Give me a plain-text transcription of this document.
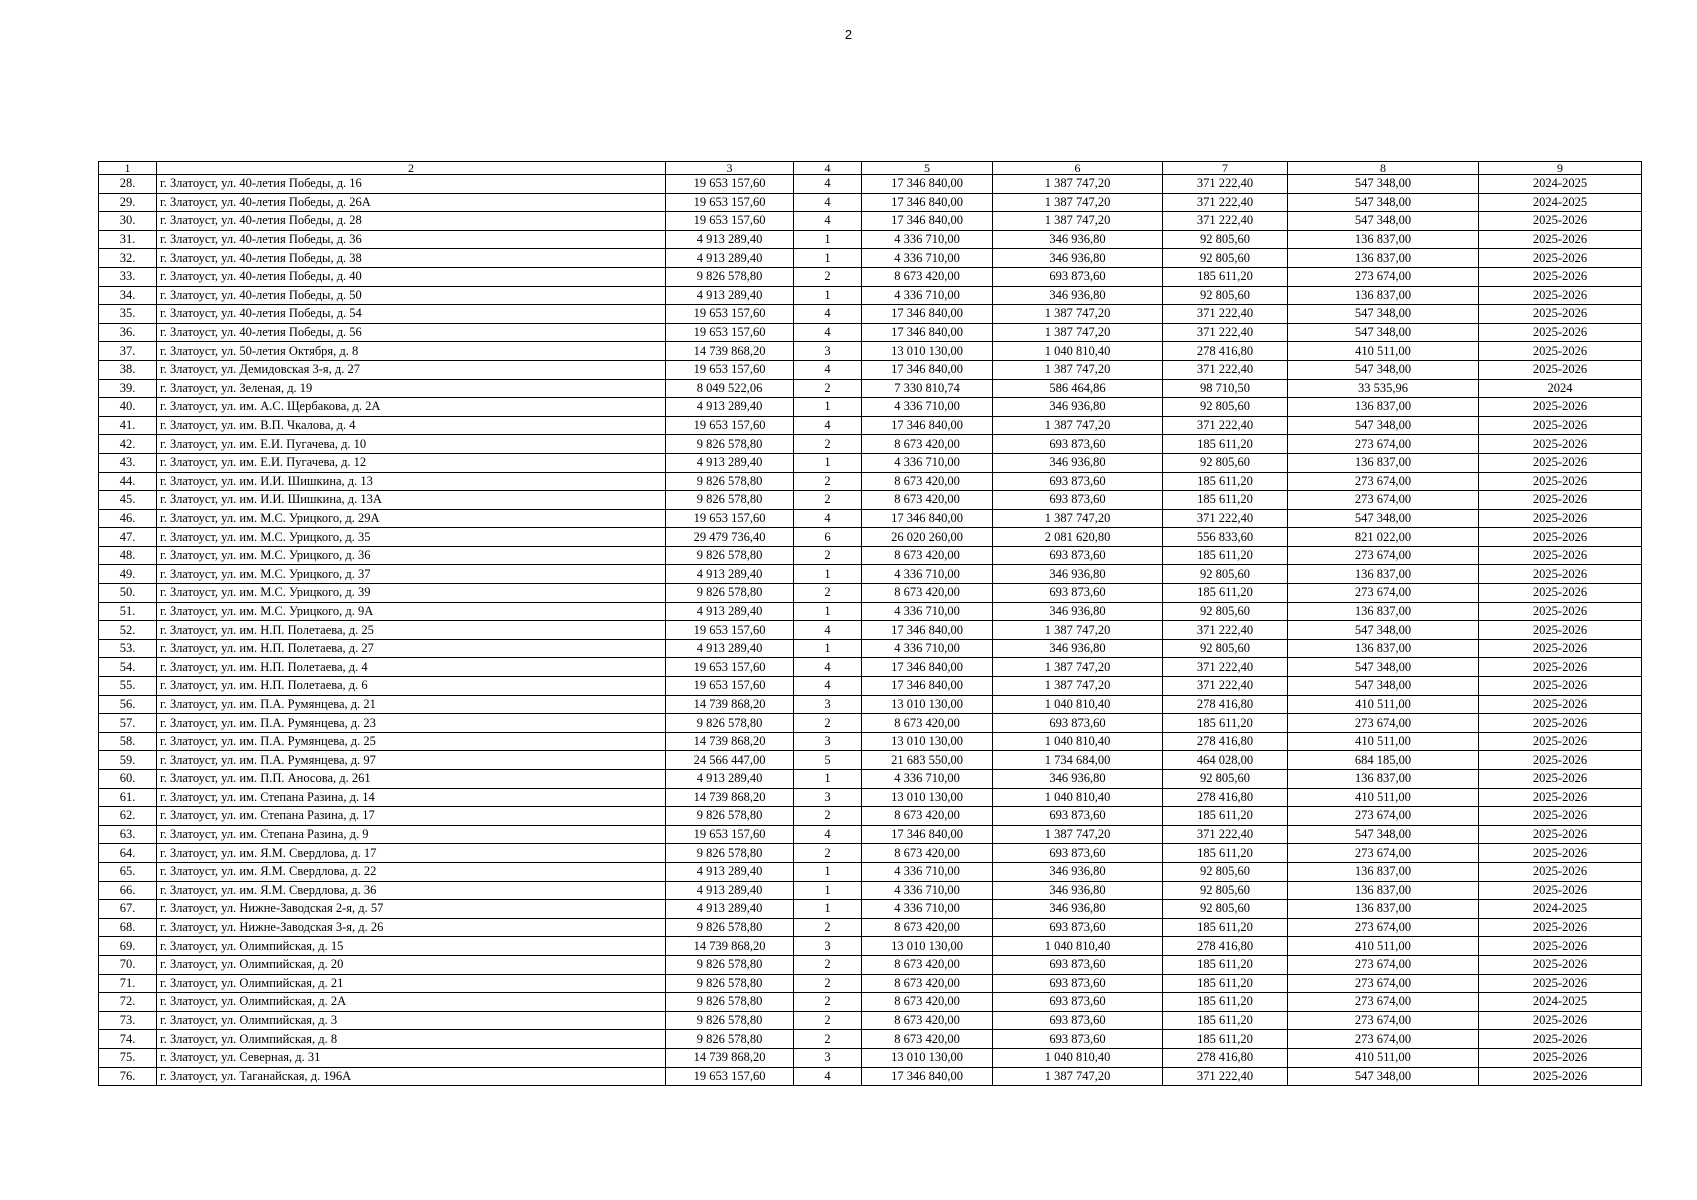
2
1	2	3	4	5	6	7	8	9
28.	г. Златоуст, ул. 40-летия Победы, д. 16	19 653 157,60	4	17 346 840,00	1 387 747,20	371 222,40	547 348,00	2024-2025
29.	г. Златоуст, ул. 40-летия Победы, д. 26А	19 653 157,60	4	17 346 840,00	1 387 747,20	371 222,40	547 348,00	2024-2025
30.	г. Златоуст, ул. 40-летия Победы, д. 28	19 653 157,60	4	17 346 840,00	1 387 747,20	371 222,40	547 348,00	2025-2026
31.	г. Златоуст, ул. 40-летия Победы, д. 36	4 913 289,40	1	4 336 710,00	346 936,80	92 805,60	136 837,00	2025-2026
32.	г. Златоуст, ул. 40-летия Победы, д. 38	4 913 289,40	1	4 336 710,00	346 936,80	92 805,60	136 837,00	2025-2026
33.	г. Златоуст, ул. 40-летия Победы, д. 40	9 826 578,80	2	8 673 420,00	693 873,60	185 611,20	273 674,00	2025-2026
34.	г. Златоуст, ул. 40-летия Победы, д. 50	4 913 289,40	1	4 336 710,00	346 936,80	92 805,60	136 837,00	2025-2026
35.	г. Златоуст, ул. 40-летия Победы, д. 54	19 653 157,60	4	17 346 840,00	1 387 747,20	371 222,40	547 348,00	2025-2026
36.	г. Златоуст, ул. 40-летия Победы, д. 56	19 653 157,60	4	17 346 840,00	1 387 747,20	371 222,40	547 348,00	2025-2026
37.	г. Златоуст, ул. 50-летия Октября, д. 8	14 739 868,20	3	13 010 130,00	1 040 810,40	278 416,80	410 511,00	2025-2026
38.	г. Златоуст, ул. Демидовская 3-я, д. 27	19 653 157,60	4	17 346 840,00	1 387 747,20	371 222,40	547 348,00	2025-2026
39.	г. Златоуст, ул. Зеленая, д. 19	8 049 522,06	2	7 330 810,74	586 464,86	98 710,50	33 535,96	2024
40.	г. Златоуст, ул. им. А.С. Щербакова, д. 2А	4 913 289,40	1	4 336 710,00	346 936,80	92 805,60	136 837,00	2025-2026
41.	г. Златоуст, ул. им. В.П. Чкалова, д. 4	19 653 157,60	4	17 346 840,00	1 387 747,20	371 222,40	547 348,00	2025-2026
42.	г. Златоуст, ул. им. Е.И. Пугачева, д. 10	9 826 578,80	2	8 673 420,00	693 873,60	185 611,20	273 674,00	2025-2026
43.	г. Златоуст, ул. им. Е.И. Пугачева, д. 12	4 913 289,40	1	4 336 710,00	346 936,80	92 805,60	136 837,00	2025-2026
44.	г. Златоуст, ул. им. И.И. Шишкина, д. 13	9 826 578,80	2	8 673 420,00	693 873,60	185 611,20	273 674,00	2025-2026
45.	г. Златоуст, ул. им. И.И. Шишкина, д. 13А	9 826 578,80	2	8 673 420,00	693 873,60	185 611,20	273 674,00	2025-2026
46.	г. Златоуст, ул. им. М.С. Урицкого, д. 29А	19 653 157,60	4	17 346 840,00	1 387 747,20	371 222,40	547 348,00	2025-2026
47.	г. Златоуст, ул. им. М.С. Урицкого, д. 35	29 479 736,40	6	26 020 260,00	2 081 620,80	556 833,60	821 022,00	2025-2026
48.	г. Златоуст, ул. им. М.С. Урицкого, д. 36	9 826 578,80	2	8 673 420,00	693 873,60	185 611,20	273 674,00	2025-2026
49.	г. Златоуст, ул. им. М.С. Урицкого, д. 37	4 913 289,40	1	4 336 710,00	346 936,80	92 805,60	136 837,00	2025-2026
50.	г. Златоуст, ул. им. М.С. Урицкого, д. 39	9 826 578,80	2	8 673 420,00	693 873,60	185 611,20	273 674,00	2025-2026
51.	г. Златоуст, ул. им. М.С. Урицкого, д. 9А	4 913 289,40	1	4 336 710,00	346 936,80	92 805,60	136 837,00	2025-2026
52.	г. Златоуст, ул. им. Н.П. Полетаева, д. 25	19 653 157,60	4	17 346 840,00	1 387 747,20	371 222,40	547 348,00	2025-2026
53.	г. Златоуст, ул. им. Н.П. Полетаева, д. 27	4 913 289,40	1	4 336 710,00	346 936,80	92 805,60	136 837,00	2025-2026
54.	г. Златоуст, ул. им. Н.П. Полетаева, д. 4	19 653 157,60	4	17 346 840,00	1 387 747,20	371 222,40	547 348,00	2025-2026
55.	г. Златоуст, ул. им. Н.П. Полетаева, д. 6	19 653 157,60	4	17 346 840,00	1 387 747,20	371 222,40	547 348,00	2025-2026
56.	г. Златоуст, ул. им. П.А. Румянцева, д. 21	14 739 868,20	3	13 010 130,00	1 040 810,40	278 416,80	410 511,00	2025-2026
57.	г. Златоуст, ул. им. П.А. Румянцева, д. 23	9 826 578,80	2	8 673 420,00	693 873,60	185 611,20	273 674,00	2025-2026
58.	г. Златоуст, ул. им. П.А. Румянцева, д. 25	14 739 868,20	3	13 010 130,00	1 040 810,40	278 416,80	410 511,00	2025-2026
59.	г. Златоуст, ул. им. П.А. Румянцева, д. 97	24 566 447,00	5	21 683 550,00	1 734 684,00	464 028,00	684 185,00	2025-2026
60.	г. Златоуст, ул. им. П.П. Аносова, д. 261	4 913 289,40	1	4 336 710,00	346 936,80	92 805,60	136 837,00	2025-2026
61.	г. Златоуст, ул. им. Степана Разина, д. 14	14 739 868,20	3	13 010 130,00	1 040 810,40	278 416,80	410 511,00	2025-2026
62.	г. Златоуст, ул. им. Степана Разина, д. 17	9 826 578,80	2	8 673 420,00	693 873,60	185 611,20	273 674,00	2025-2026
63.	г. Златоуст, ул. им. Степана Разина, д. 9	19 653 157,60	4	17 346 840,00	1 387 747,20	371 222,40	547 348,00	2025-2026
64.	г. Златоуст, ул. им. Я.М. Свердлова, д. 17	9 826 578,80	2	8 673 420,00	693 873,60	185 611,20	273 674,00	2025-2026
65.	г. Златоуст, ул. им. Я.М. Свердлова, д. 22	4 913 289,40	1	4 336 710,00	346 936,80	92 805,60	136 837,00	2025-2026
66.	г. Златоуст, ул. им. Я.М. Свердлова, д. 36	4 913 289,40	1	4 336 710,00	346 936,80	92 805,60	136 837,00	2025-2026
67.	г. Златоуст, ул. Нижне-Заводская 2-я, д. 57	4 913 289,40	1	4 336 710,00	346 936,80	92 805,60	136 837,00	2024-2025
68.	г. Златоуст, ул. Нижне-Заводская 3-я, д. 26	9 826 578,80	2	8 673 420,00	693 873,60	185 611,20	273 674,00	2025-2026
69.	г. Златоуст, ул. Олимпийская, д. 15	14 739 868,20	3	13 010 130,00	1 040 810,40	278 416,80	410 511,00	2025-2026
70.	г. Златоуст, ул. Олимпийская, д. 20	9 826 578,80	2	8 673 420,00	693 873,60	185 611,20	273 674,00	2025-2026
71.	г. Златоуст, ул. Олимпийская, д. 21	9 826 578,80	2	8 673 420,00	693 873,60	185 611,20	273 674,00	2025-2026
72.	г. Златоуст, ул. Олимпийская, д. 2А	9 826 578,80	2	8 673 420,00	693 873,60	185 611,20	273 674,00	2024-2025
73.	г. Златоуст, ул. Олимпийская, д. 3	9 826 578,80	2	8 673 420,00	693 873,60	185 611,20	273 674,00	2025-2026
74.	г. Златоуст, ул. Олимпийская, д. 8	9 826 578,80	2	8 673 420,00	693 873,60	185 611,20	273 674,00	2025-2026
75.	г. Златоуст, ул. Северная, д. 31	14 739 868,20	3	13 010 130,00	1 040 810,40	278 416,80	410 511,00	2025-2026
76.	г. Златоуст, ул. Таганайская, д. 196А	19 653 157,60	4	17 346 840,00	1 387 747,20	371 222,40	547 348,00	2025-2026
